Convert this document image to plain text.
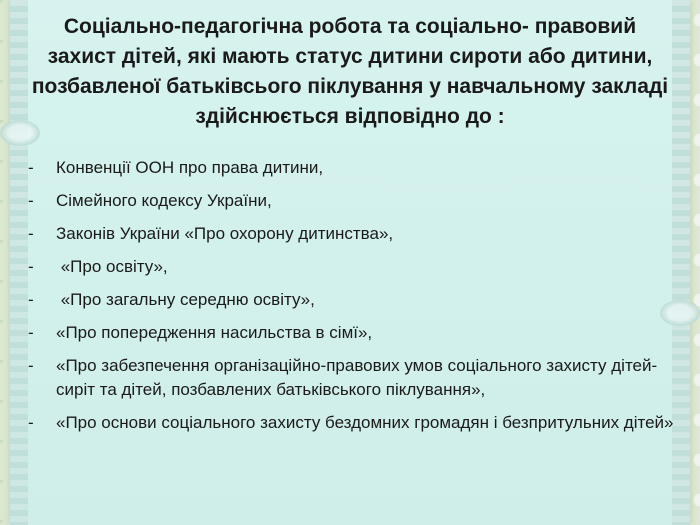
Соціально-педагогічна робота та соціально- правовий захист дітей, які мають статус дитини сироти або дитини, позбавленої батьківсього піклування у навчальному закладі здійснюється відповідно до :
- Конвенції ООН про права дитини,
- Сімейного кодексу України,
- Законів України «Про охорону дитинства»,
- «Про освіту»,
- «Про загальну середню освіту»,
- «Про попередження насильства в сімї»,
- «Про забезпечення організаційно-правових умов соціального захисту дітей-сиріт та дітей, позбавлених батьківського піклування»,
- «Про основи соціального захисту бездомних громадян і безпритульних дітей»
